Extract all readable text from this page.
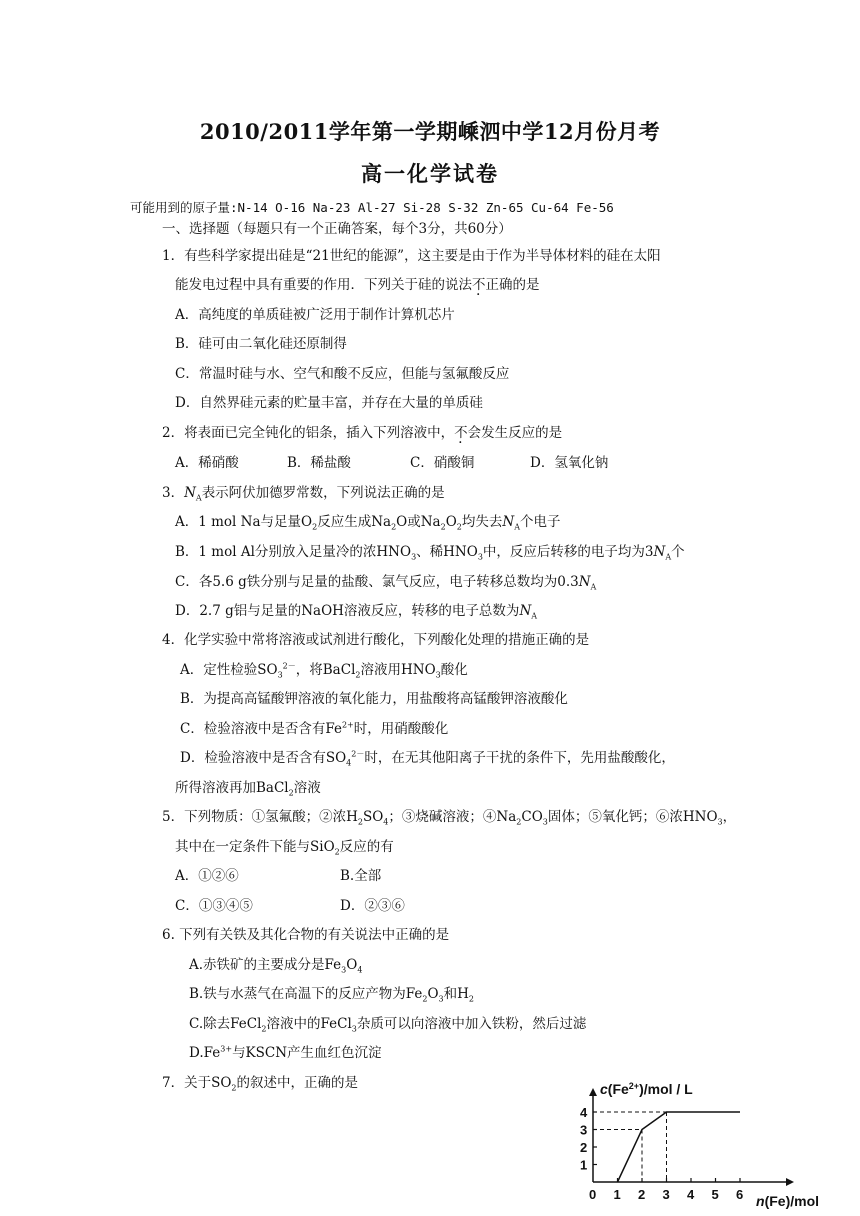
2010/2011学年第一学期嵊泗中学12月份月考
高一化学试卷
可能用到的原子量:N-14 O-16 Na-23 Al-27 Si-28 S-32 Zn-65 Cu-64 Fe-56
一、选择题（每题只有一个正确答案，每个3分，共60分）
1．有些科学家提出硅是“21世纪的能源”，这主要是由于作为半导体材料的硅在太阳
能发电过程中具有重要的作用．下列关于硅的说法不正确的是
A．高纯度的单质硅被广泛用于制作计算机芯片
B．硅可由二氧化硅还原制得
C．常温时硅与水、空气和酸不反应，但能与氢氟酸反应
D．自然界硅元素的贮量丰富，并存在大量的单质硅
2．将表面已完全钝化的铝条，插入下列溶液中，不会发生反应的是
A．稀硝酸	B．稀盐酸	C．硝酸铜	D．氢氧化钠
3．$N_A$表示阿伏加德罗常数，下列说法正确的是
A．1 mol Na与足量$O_2$反应生成$Na_2O$或$Na_2O_2$均失去$N_A$个电子
B．1 mol Al分别放入足量冷的浓$HNO_3$、稀$HNO_3$中，反应后转移的电子均为$3N_A$个
C．各5.6 g铁分别与足量的盐酸、氯气反应，电子转移总数均为$0.3N_A$
D．2.7 g铝与足量的NaOH溶液反应，转移的电子总数为$N_A$
4．化学实验中常将溶液或试剂进行酸化，下列酸化处理的措施正确的是
A．定性检验$SO_3^{2-}$，将BaCl$_2$溶液用$HNO_3$酸化
B．为提高高锰酸钾溶液的氧化能力，用盐酸将高锰酸钾溶液酸化
C．检验溶液中是否含有$Fe^{2+}$时，用硝酸酸化
D．检验溶液中是否含有$SO_4^{2-}$时，在无其他阳离子干扰的条件下，先用盐酸酸化，
所得溶液再加BaCl$_2$溶液
5．下列物质：①氢氟酸；②浓$H_2SO_4$；③烧碱溶液；$④Na_2CO_3$固体；⑤氧化钙；⑥浓$HNO_3$，
其中在一定条件下能与SiO$_2$反应的有
A．①②⑥	B.全部
C．①③④⑤	D．②③⑥
6. 下列有关铁及其化合物的有关说法中正确的是
A.赤铁矿的主要成分是$Fe_3O_4$
B.铁与水蒸气在高温下的反应产物为$Fe_2O_3$和$H_2$
C.除去FeCl$_2$溶液中的FeCl$_3$杂质可以向溶液中加入铁粉，然后过滤
$D.Fe^{3+}$与KSCN产生血红色沉淀
7．关于$SO_2$的叙述中，正确的是	$c(Fe^{2+})$/mol / L
0 1 2 3 4 5 6
1
2
3
4
n(Fe)/mol
